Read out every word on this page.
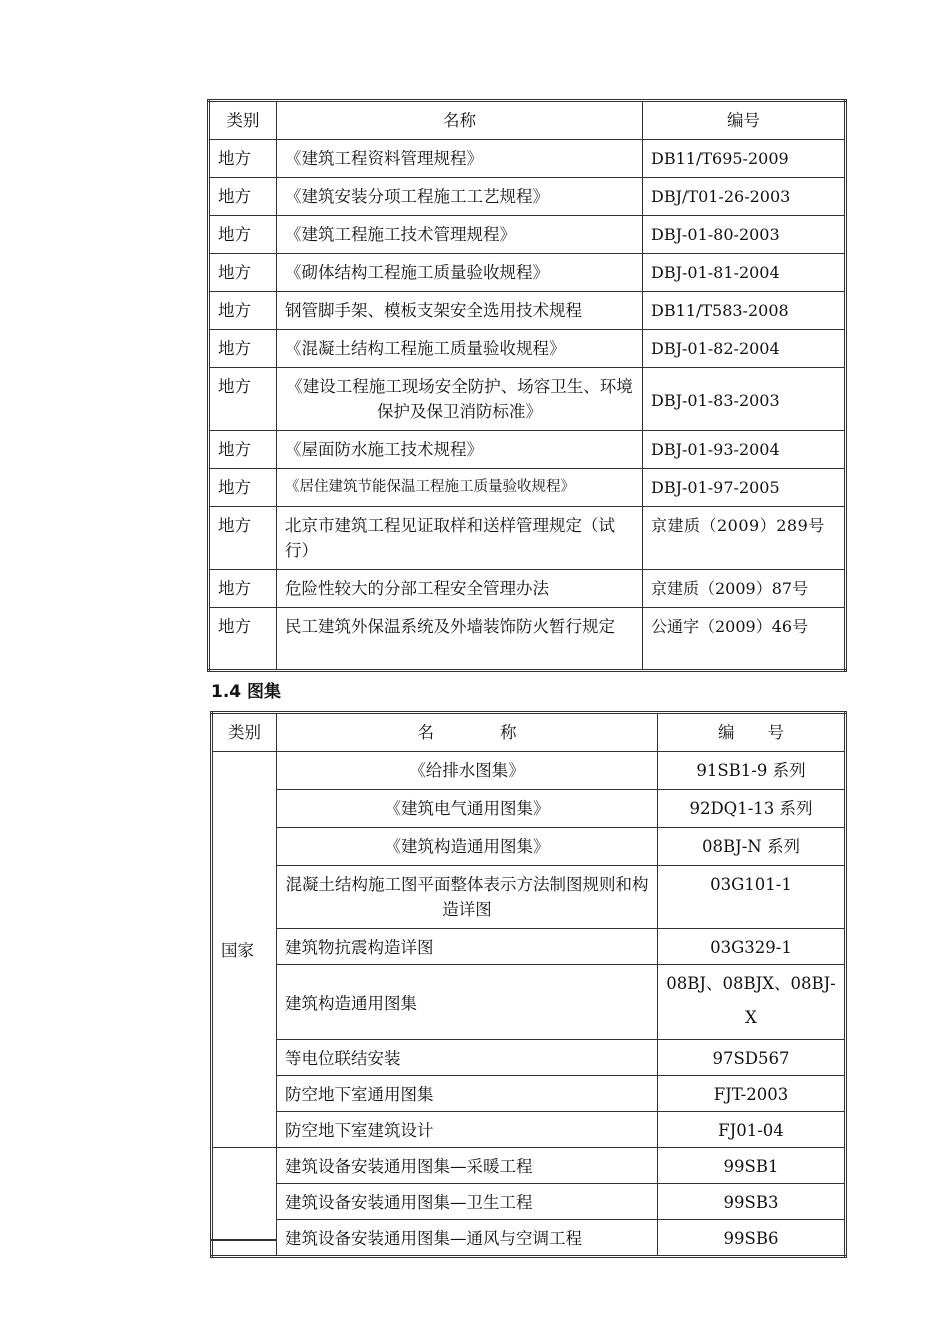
类别	名称	编号
地方	《建筑工程资料管理规程》	DB11/T695-2009
地方	《建筑安装分项工程施工工艺规程》	DBJ/T01-26-2003
地方	《建筑工程施工技术管理规程》	DBJ-01-80-2003
地方	《砌体结构工程施工质量验收规程》	DBJ-01-81-2004
地方	钢管脚手架、模板支架安全选用技术规程	DB11/T583-2008
地方	《混凝土结构工程施工质量验收规程》	DBJ-01-82-2004
地方	《建设工程施工现场安全防护、场容卫生、环境保护及保卫消防标准》	DBJ-01-83-2003
地方	《屋面防水施工技术规程》	DBJ-01-93-2004
地方	《居住建筑节能保温工程施工质量验收规程》	DBJ-01-97-2005
地方	北京市建筑工程见证取样和送样管理规定（试行）	京建质（2009）289号
地方	危险性较大的分部工程安全管理办法	京建质（2009）87号
地方	民工建筑外保温系统及外墙装饰防火暂行规定	公通字（2009）46号
1.4 图集
类别	名　　　　称	编　　号
国家	《给排水图集》	91SB1-9 系列
	《建筑电气通用图集》	92DQ1-13 系列
	《建筑构造通用图集》	08BJ-N 系列
	混凝土结构施工图平面整体表示方法制图规则和构造详图	03G101-1
	建筑物抗震构造详图	03G329-1
	建筑构造通用图集	08BJ、08BJX、08BJ-X
	等电位联结安装	97SD567
	防空地下室通用图集	FJT-2003
	防空地下室建筑设计	FJ01-04
	建筑设备安装通用图集—采暖工程	99SB1
	建筑设备安装通用图集—卫生工程	99SB3
	建筑设备安装通用图集—通风与空调工程	99SB6
